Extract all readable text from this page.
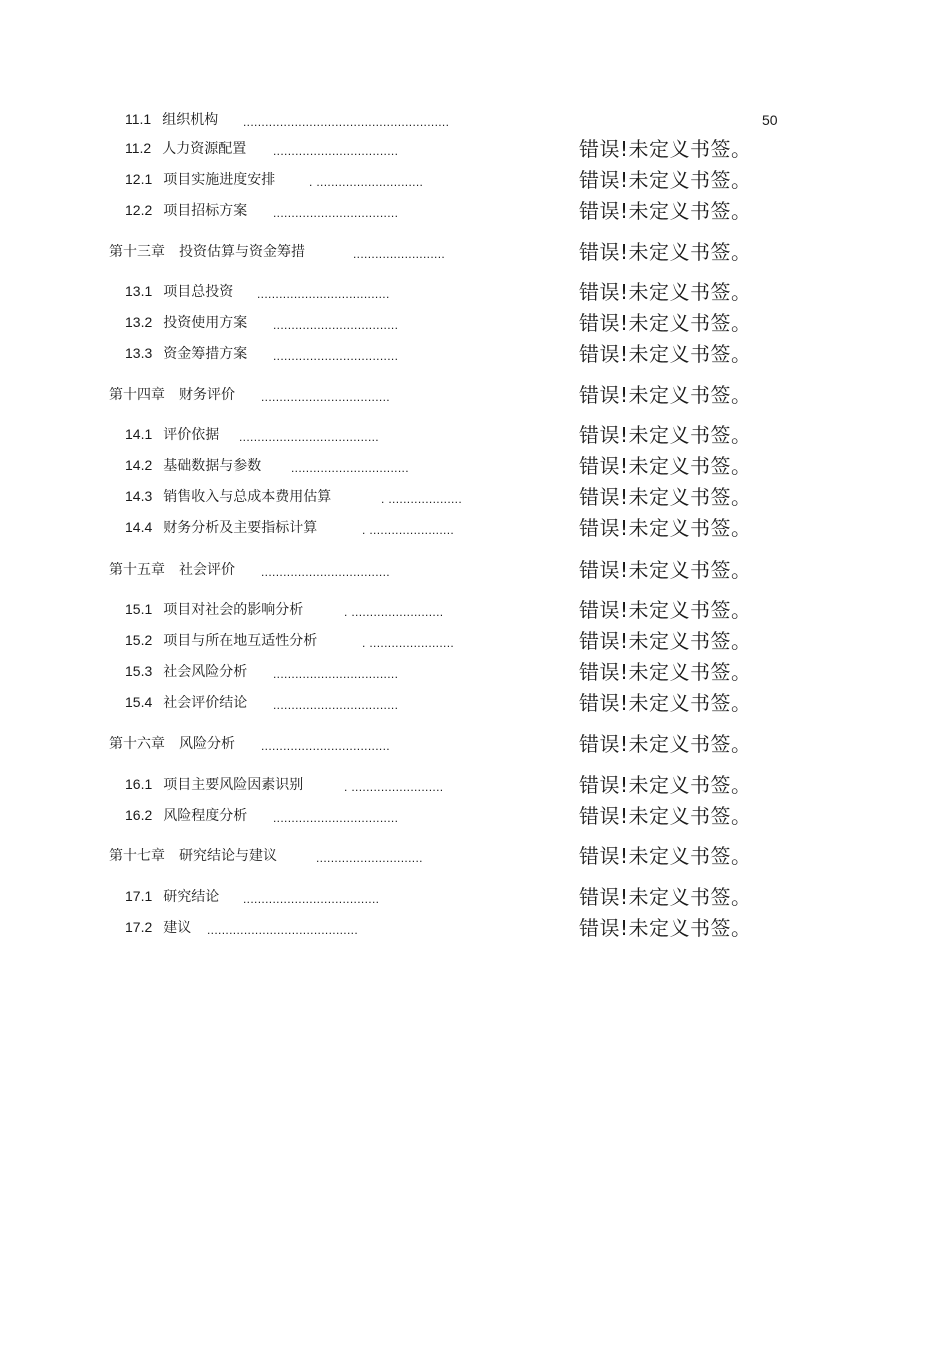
11.1 组织机构 ........................................................	50
11.2 人力资源配置 ..................................	错误!未定义书签。
12.1 项目实施进度安排	. .............................	错误!未定义书签。
12.2 项目招标方案 ..................................	错误!未定义书签。
第十三章 投资估算与资金筹措	.........................	错误!未定义书签。
13.1 项目总投资 ....................................	错误!未定义书签。
13.2 投资使用方案 ..................................	错误!未定义书签。
13.3 资金筹措方案 ..................................	错误!未定义书签。
第十四章 财务评价 ...................................	错误!未定义书签。
14.1 评价依据 ......................................	错误!未定义书签。
14.2 基础数据与参数 ................................	错误!未定义书签。
14.3 销售收入与总成本费用估算	. ....................	错误!未定义书签。
14.4 财务分析及主要指标计算	. .......................	错误!未定义书签。
第十五章 社会评价 ...................................	错误!未定义书签。
15.1 项目对社会的影响分析	. .........................	错误!未定义书签。
15.2 项目与所在地互适性分析	. .......................	错误!未定义书签。
15.3 社会风险分析 ..................................	错误!未定义书签。
15.4 社会评价结论 ..................................	错误!未定义书签。
第十六章 风险分析 ...................................	错误!未定义书签。
16.1 项目主要风险因素识别	. .........................	错误!未定义书签。
16.2 风险程度分析 ..................................	错误!未定义书签。
第十七章 研究结论与建议	.............................	错误!未定义书签。
17.1 研究结论 .....................................	错误!未定义书签。
17.2 建议 .........................................	错误!未定义书签。
